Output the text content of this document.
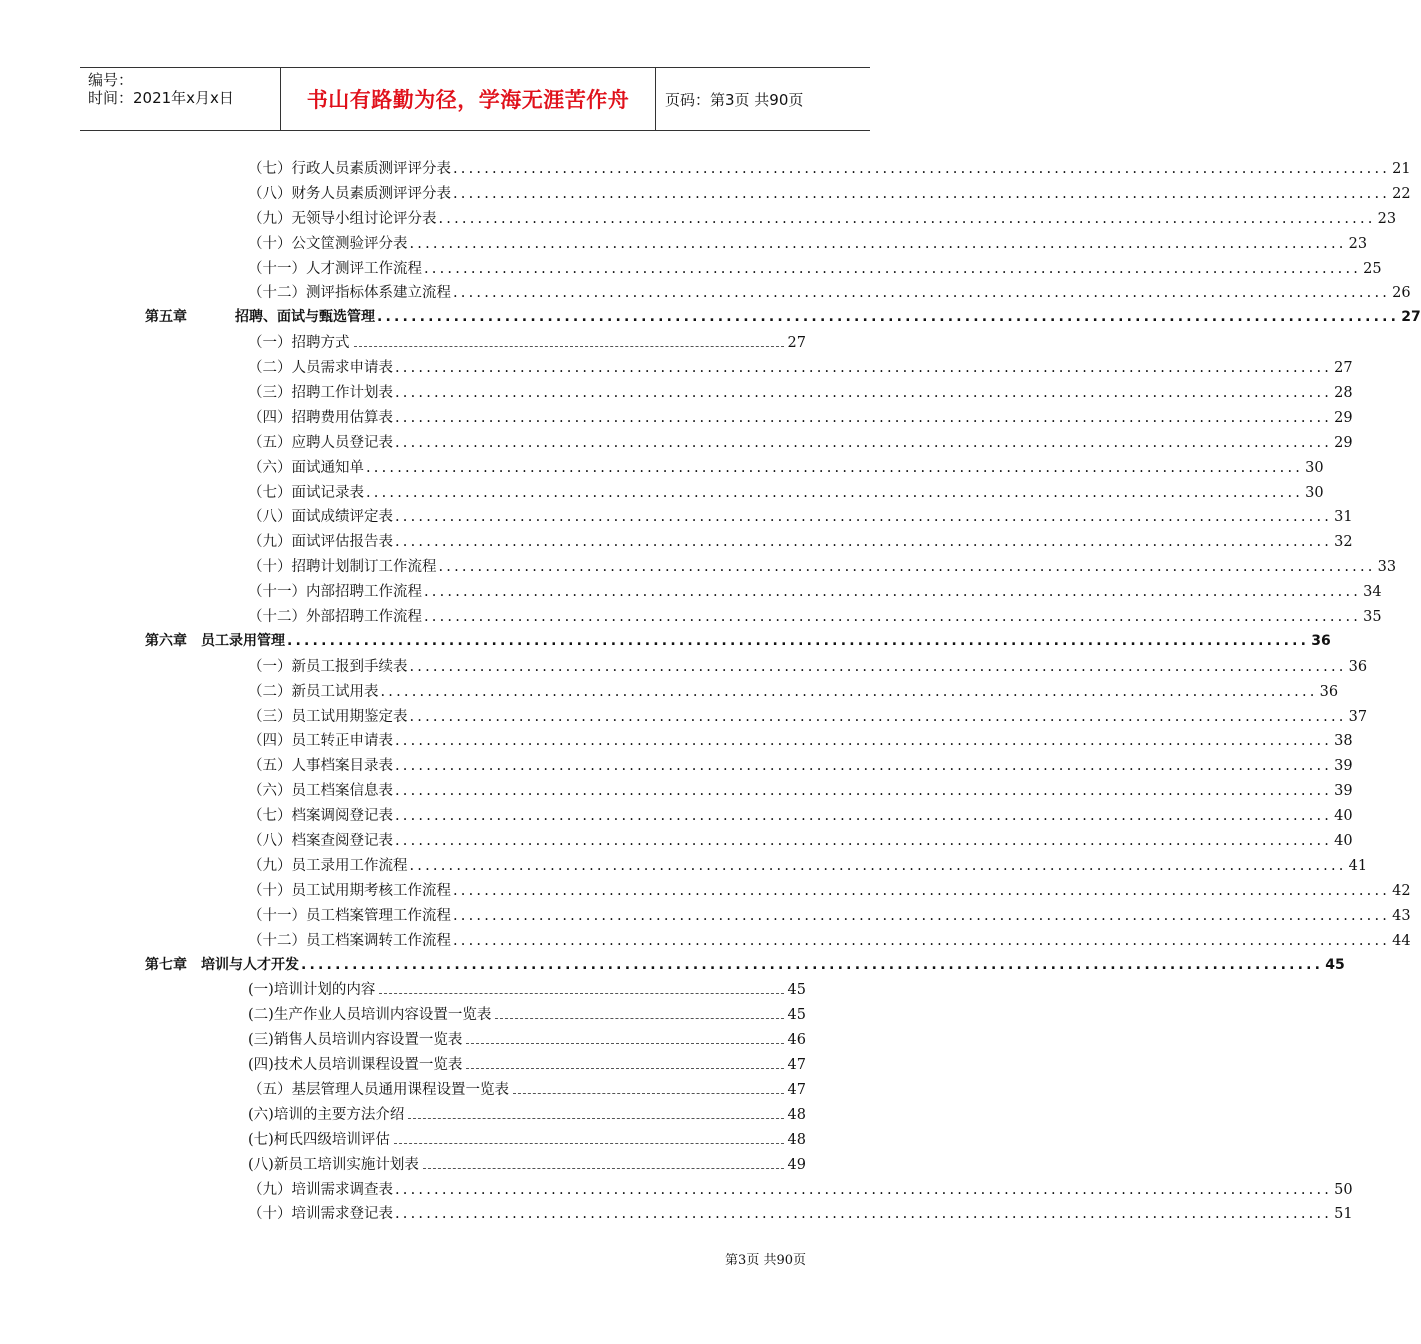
编号：
时间：2021年x月x日	书山有路勤为径，学海无涯苦作舟 页码：第3页 共90页
（七）行政人员素质测评评分表 ........................................................................................................................ 21
（八）财务人员素质测评评分表 ........................................................................................................................ 22
（九）无领导小组讨论评分表 ........................................................................................................................ 23
（十）公文筐测验评分表 ........................................................................................................................ 23
（十一）人才测评工作流程 ........................................................................................................................ 25
（十二）测评指标体系建立流程 ........................................................................................................................ 26
第五章	招聘、面试与甄选管理 ........................................................................................................................ 27
（一）招聘方式	27
（二）人员需求申请表 ........................................................................................................................ 27
（三）招聘工作计划表 ........................................................................................................................ 28
（四）招聘费用估算表 ........................................................................................................................ 29
（五）应聘人员登记表 ........................................................................................................................ 29
（六）面试通知单 ........................................................................................................................ 30
（七）面试记录表 ........................................................................................................................ 30
（八）面试成绩评定表 ........................................................................................................................ 31
（九）面试评估报告表 ........................................................................................................................ 32
（十）招聘计划制订工作流程 ........................................................................................................................ 33
（十一）内部招聘工作流程 ........................................................................................................................ 34
（十二）外部招聘工作流程 ........................................................................................................................ 35
第六章 员工录用管理 ........................................................................................................................ 36
（一）新员工报到手续表 ........................................................................................................................ 36
（二）新员工试用表 ........................................................................................................................ 36
（三）员工试用期鉴定表 ........................................................................................................................ 37
（四）员工转正申请表 ........................................................................................................................ 38
（五）人事档案目录表 ........................................................................................................................ 39
（六）员工档案信息表 ........................................................................................................................ 39
（七）档案调阅登记表 ........................................................................................................................ 40
（八）档案查阅登记表 ........................................................................................................................ 40
（九）员工录用工作流程 ........................................................................................................................ 41
（十）员工试用期考核工作流程 ........................................................................................................................ 42
（十一）员工档案管理工作流程 ........................................................................................................................ 43
（十二）员工档案调转工作流程 ........................................................................................................................ 44
第七章 培训与人才开发 ........................................................................................................................ 45
(一)培训计划的内容	45
(二)生产作业人员培训内容设置一览表	45
(三)销售人员培训内容设置一览表	46
(四)技术人员培训课程设置一览表	47
（五）基层管理人员通用课程设置一览表	47
(六)培训的主要方法介绍	48
(七)柯氏四级培训评估	48
(八)新员工培训实施计划表	49
（九）培训需求调查表 ........................................................................................................................ 50
（十）培训需求登记表 ........................................................................................................................ 51
第3页 共90页
